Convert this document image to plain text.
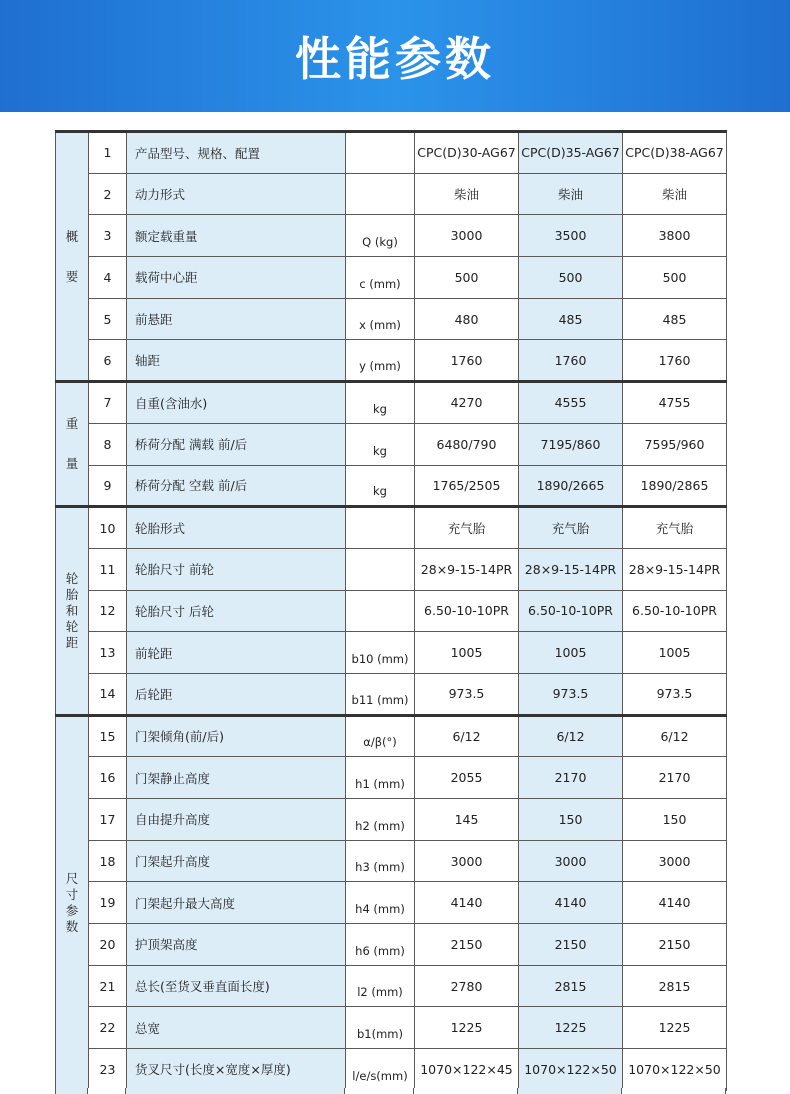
性能参数
概要	1	产品型号、规格、配置		CPC(D)30-AG67	CPC(D)35-AG67	CPC(D)38-AG67
	2	动力形式		柴油	柴油	柴油
	3	额定载重量	Q (kg)	3000	3500	3800
	4	载荷中心距	c (mm)	500	500	500
	5	前悬距	x (mm)	480	485	485
	6	轴距	y (mm)	1760	1760	1760
重量	7	自重(含油水)	kg	4270	4555	4755
	8	桥荷分配 满载 前/后	kg	6480/790	7195/860	7595/960
	9	桥荷分配 空载 前/后	kg	1765/2505	1890/2665	1890/2865
轮胎和轮距	10	轮胎形式		充气胎	充气胎	充气胎
	11	轮胎尺寸 前轮		28×9-15-14PR	28×9-15-14PR	28×9-15-14PR
	12	轮胎尺寸 后轮		6.50-10-10PR	6.50-10-10PR	6.50-10-10PR
	13	前轮距	b10 (mm)	1005	1005	1005
	14	后轮距	b11 (mm)	973.5	973.5	973.5
尺寸参数	15	门架倾角(前/后)	α/β(°)	6/12	6/12	6/12
	16	门架静止高度	h1 (mm)	2055	2170	2170
	17	自由提升高度	h2 (mm)	145	150	150
	18	门架起升高度	h3 (mm)	3000	3000	3000
	19	门架起升最大高度	h4 (mm)	4140	4140	4140
	20	护顶架高度	h6 (mm)	2150	2150	2150
	21	总长(至货叉垂直面长度)	l2 (mm)	2780	2815	2815
	22	总宽	b1(mm)	1225	1225	1225
	23	货叉尺寸(长度×宽度×厚度)	l/e/s(mm)	1070×122×45	1070×122×50	1070×122×50
